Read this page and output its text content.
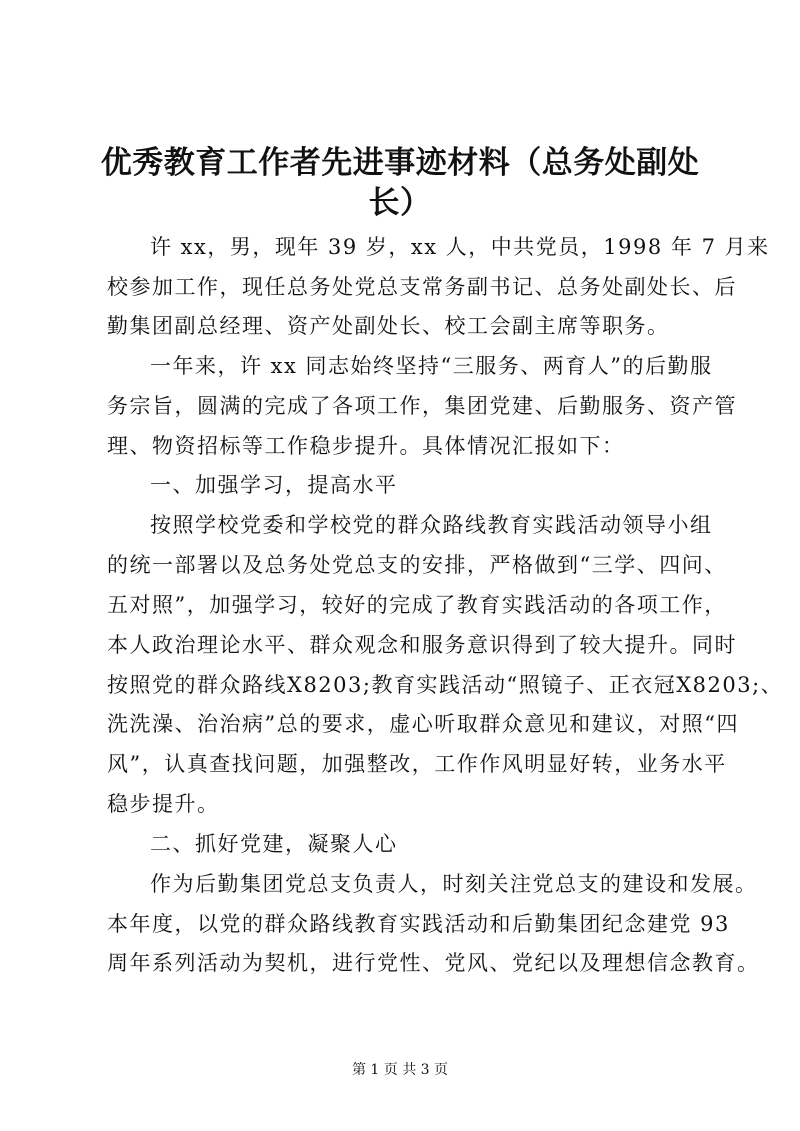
优秀教育工作者先进事迹材料（总务处副处
长）
许 xx，男，现年 39 岁，xx 人，中共党员，1998 年 7 月来
校参加工作，现任总务处党总支常务副书记、总务处副处长、后
勤集团副总经理、资产处副处长、校工会副主席等职务。
一年来，许 xx 同志始终坚持“三服务、两育人”的后勤服
务宗旨，圆满的完成了各项工作，集团党建、后勤服务、资产管
理、物资招标等工作稳步提升。具体情况汇报如下：
一、加强学习，提高水平
按照学校党委和学校党的群众路线教育实践活动领导小组
的统一部署以及总务处党总支的安排，严格做到“三学、四问、
五对照”，加强学习，较好的完成了教育实践活动的各项工作，
本人政治理论水平、群众观念和服务意识得到了较大提升。同时
按照党的群众路线X8203;教育实践活动“照镜子、正衣冠X8203;、
洗洗澡、治治病”总的要求，虚心听取群众意见和建议，对照“四
风”，认真查找问题，加强整改，工作作风明显好转，业务水平
稳步提升。
二、抓好党建，凝聚人心
作为后勤集团党总支负责人，时刻关注党总支的建设和发展。
本年度，以党的群众路线教育实践活动和后勤集团纪念建党 93
周年系列活动为契机，进行党性、党风、党纪以及理想信念教育。
第 1 页 共 3 页
